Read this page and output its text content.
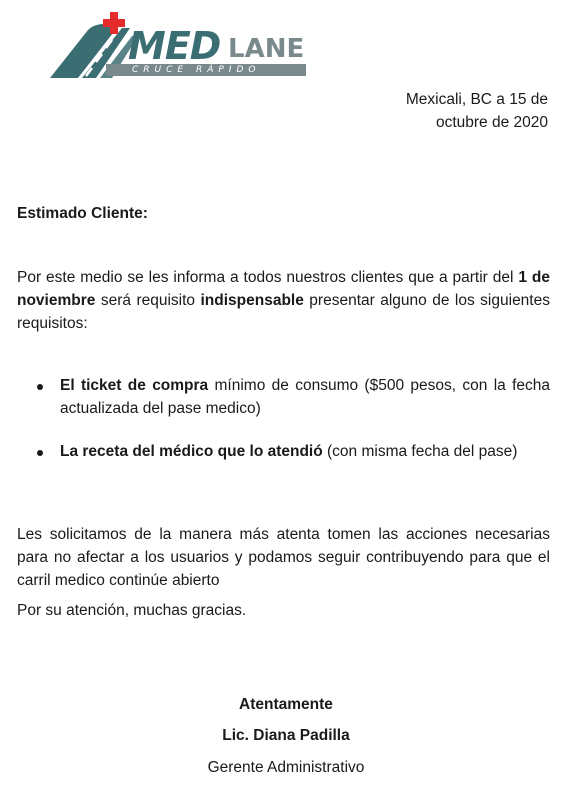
MED LANE
CRUCE RÁPIDO
Mexicali, BC a 15 de
octubre de 2020
Estimado Cliente:
Por este medio se les informa a todos nuestros clientes que a partir del 1 de noviembre será requisito indispensable presentar alguno de los siguientes requisitos:
El ticket de compra mínimo de consumo ($500 pesos, con la fecha actualizada del pase medico)
La receta del médico que lo atendió (con misma fecha del pase)
Les solicitamos de la manera más atenta tomen las acciones necesarias para no afectar a los usuarios y podamos seguir contribuyendo para que el carril medico continúe abierto
Por su atención, muchas gracias.
Atentamente
Lic. Diana Padilla
Gerente Administrativo
